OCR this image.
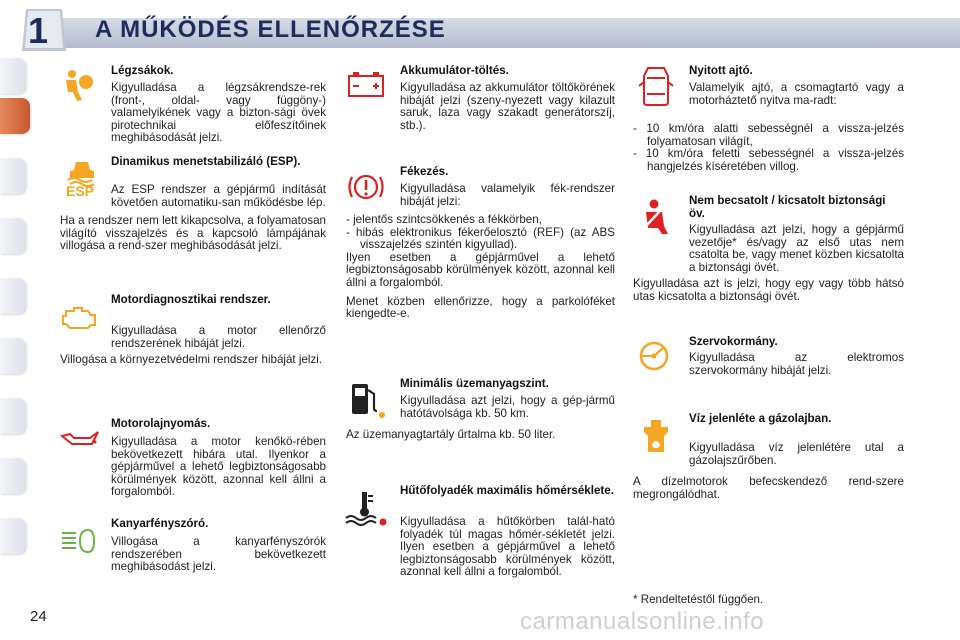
1	A MŰKÖDÉS ELLENŐRZÉSE
Légzsákok.

Kigyulladása a légzsákrendsze-rek (front-, oldal- vagy függöny-) valamelyikének vagy a bizton-sági övek pirotechnikai előfeszítőinek meghibásodását jelzi.

ESP
Dinamikus menetstabilizáló (ESP).

Az ESP rendszer a gépjármű indítását követően automatiku-san működésbe lép.

Ha a rendszer nem lett kikapcsolva, a folyamatosan világító visszajelzés és a kapcsoló lámpájának villogása a rend-szer meghibásodását jelzi.

Motordiagnosztikai rendszer.

Kigyulladása a motor ellenőrző rendszerének hibáját jelzi.

Villogása a környezetvédelmi rendszer hibáját jelzi.

Motorolajnyomás.

Kigyulladása a motor kenőkö-rében bekövetkezett hibára utal. Ilyenkor a gépjárművel a lehető legbiztonságosabb körülmények között, azonnal kell állni a forgalomból.

Kanyarfényszóró.

Villogása a kanyarfényszórók rendszerében bekövetkezett meghibásodást jelzi.

Akkumulátor-töltés.

Kigyulladása az akkumulátor töltőkörének hibáját jelzi (szeny-nyezett vagy kilazult saruk, laza vagy szakadt generátorszíj, stb.).

Fékezés.

Kigyulladása valamelyik fék-rendszer hibáját jelzi:

- jelentős szintcsökkenés a fékkörben,
- hibás elektronikus fékerőelosztó (REF) (az ABS visszajelzés szintén kigyullad).

Ilyen esetben a gépjárművel a lehető legbiztonságosabb körülmények között, azonnal kell állni a forgalomból.

Menet közben ellenőrizze, hogy a parkolóféket kiengedte-e.

Minimális üzemanyagszint.

Kigyulladása azt jelzi, hogy a gép-jármű hatótávolsága kb. 50 km.

Az üzemanyagtartály űrtalma kb. 50 liter.

Hűtőfolyadék maximális hőmérséklete.

Kigyulladása a hűtőkörben talál-ható folyadék túl magas hőmér-sékletét jelzi. Ilyen esetben a gépjárművel a lehető legbiztonságosabb körülmények között, azonnal kell állni a forgalomból.

Nyitott ajtó.

Valamelyik ajtó, a csomagtartó vagy a motorháztető nyitva ma-radt:

- 10 km/óra alatti sebességnél a vissza-jelzés folyamatosan világít,
- 10 km/óra feletti sebességnél a vissza-jelzés hangjelzés kíséretében villog.
Nem becsatolt / kicsatolt biztonsági öv.

Kigyulladása azt jelzi, hogy a gépjármű vezetője* és/vagy az első utas nem csatolta be, vagy menet közben kicsatolta a biztonsági övét.

Kigyulladása azt is jelzi, hogy egy vagy több hátsó utas kicsatolta a biztonsági övét.

Szervokormány.

Kigyulladása az elektromos szervokormány hibáját jelzi.

Víz jelenléte a gázolajban.

Kigyulladása víz jelenlétére utal a gázolajszűrőben.

A dízelmotorok befecskendező rend-szere megrongálódhat.

* Rendeltetéstől függően.
24	carmanualsonline.info
